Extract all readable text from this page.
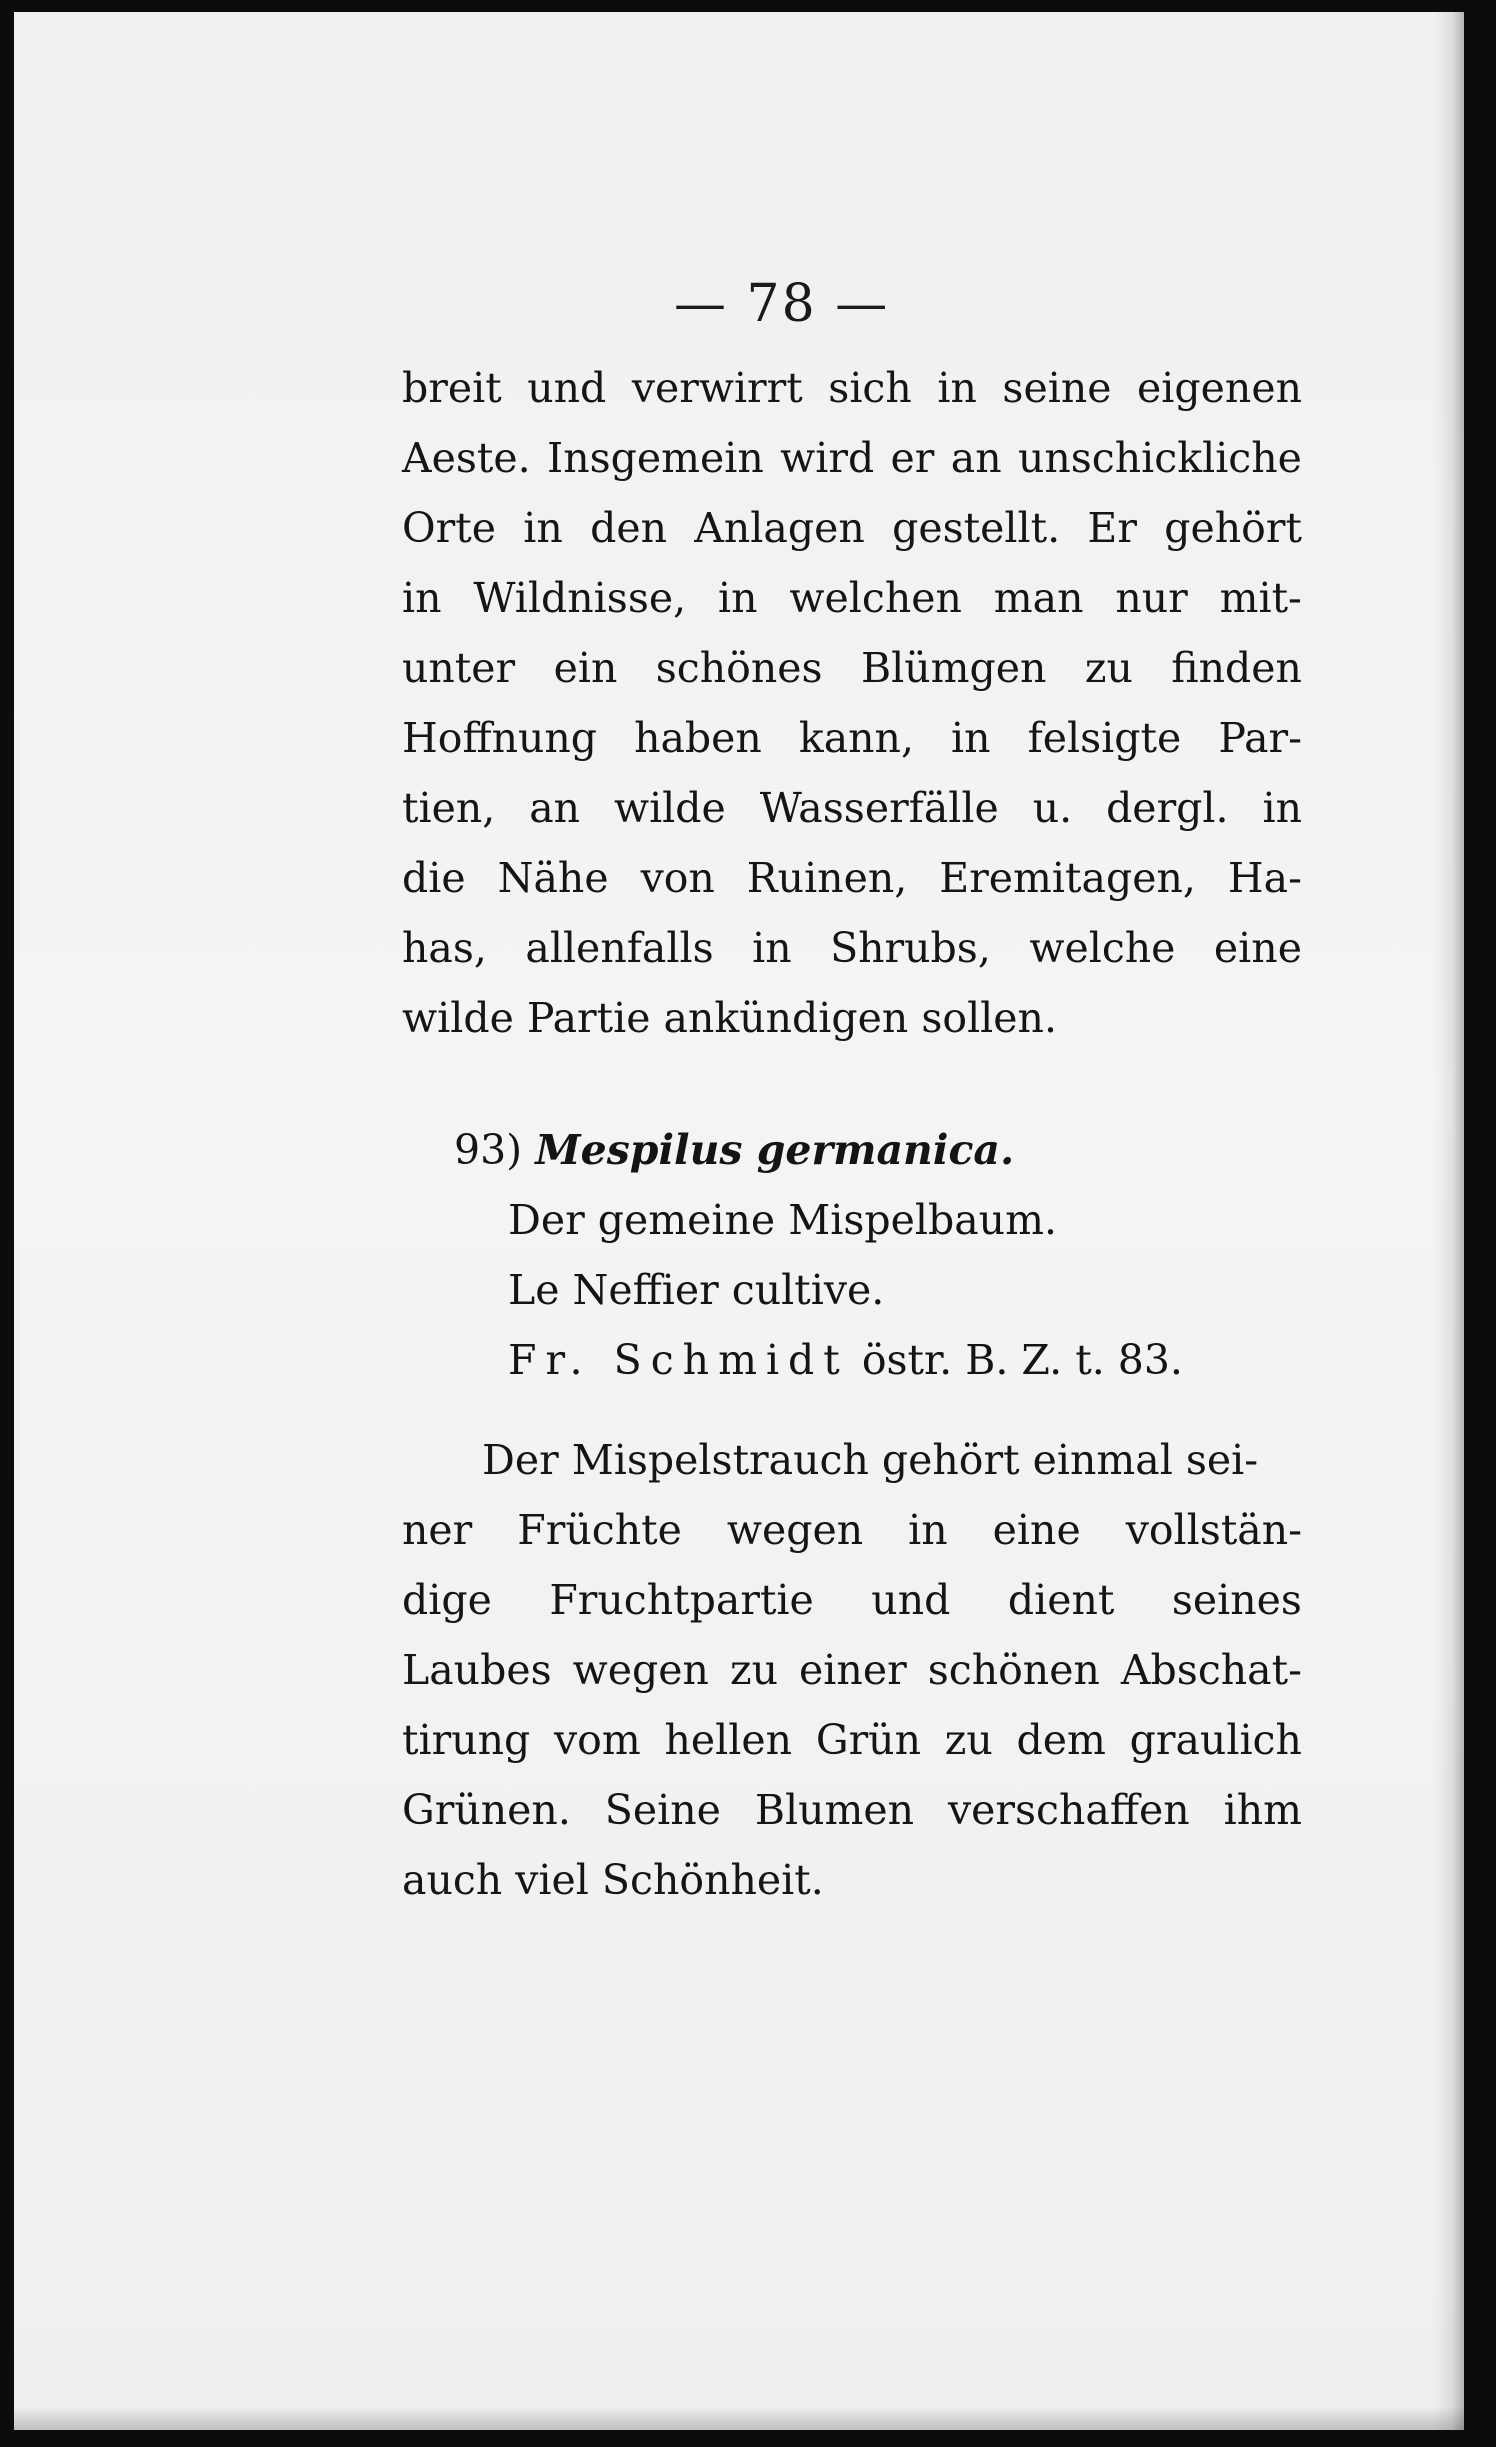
— 78 —
breit und verwirrt sich in seine eigenen
Aeste. Insgemein wird er an unschickliche
Orte in den Anlagen gestellt. Er gehört
in Wildnisse, in welchen man nur mit-
unter ein schönes Blümgen zu finden
Hoffnung haben kann, in felsigte Par-
tien, an wilde Wasserfälle u. dergl. in
die Nähe von Ruinen, Eremitagen, Ha-
has, allenfalls in Shrubs, welche eine
wilde Partie ankündigen sollen.
93) Mespilus germanica.
Der gemeine Mispelbaum.
Le Neffier cultive.
Fr. Schmidt östr. B. Z. t. 83.
Der Mispelstrauch gehört einmal sei-
ner Früchte wegen in eine vollstän-
dige Fruchtpartie und dient seines
Laubes wegen zu einer schönen Abschat-
tirung vom hellen Grün zu dem graulich
Grünen. Seine Blumen verschaffen ihm
auch viel Schönheit.
